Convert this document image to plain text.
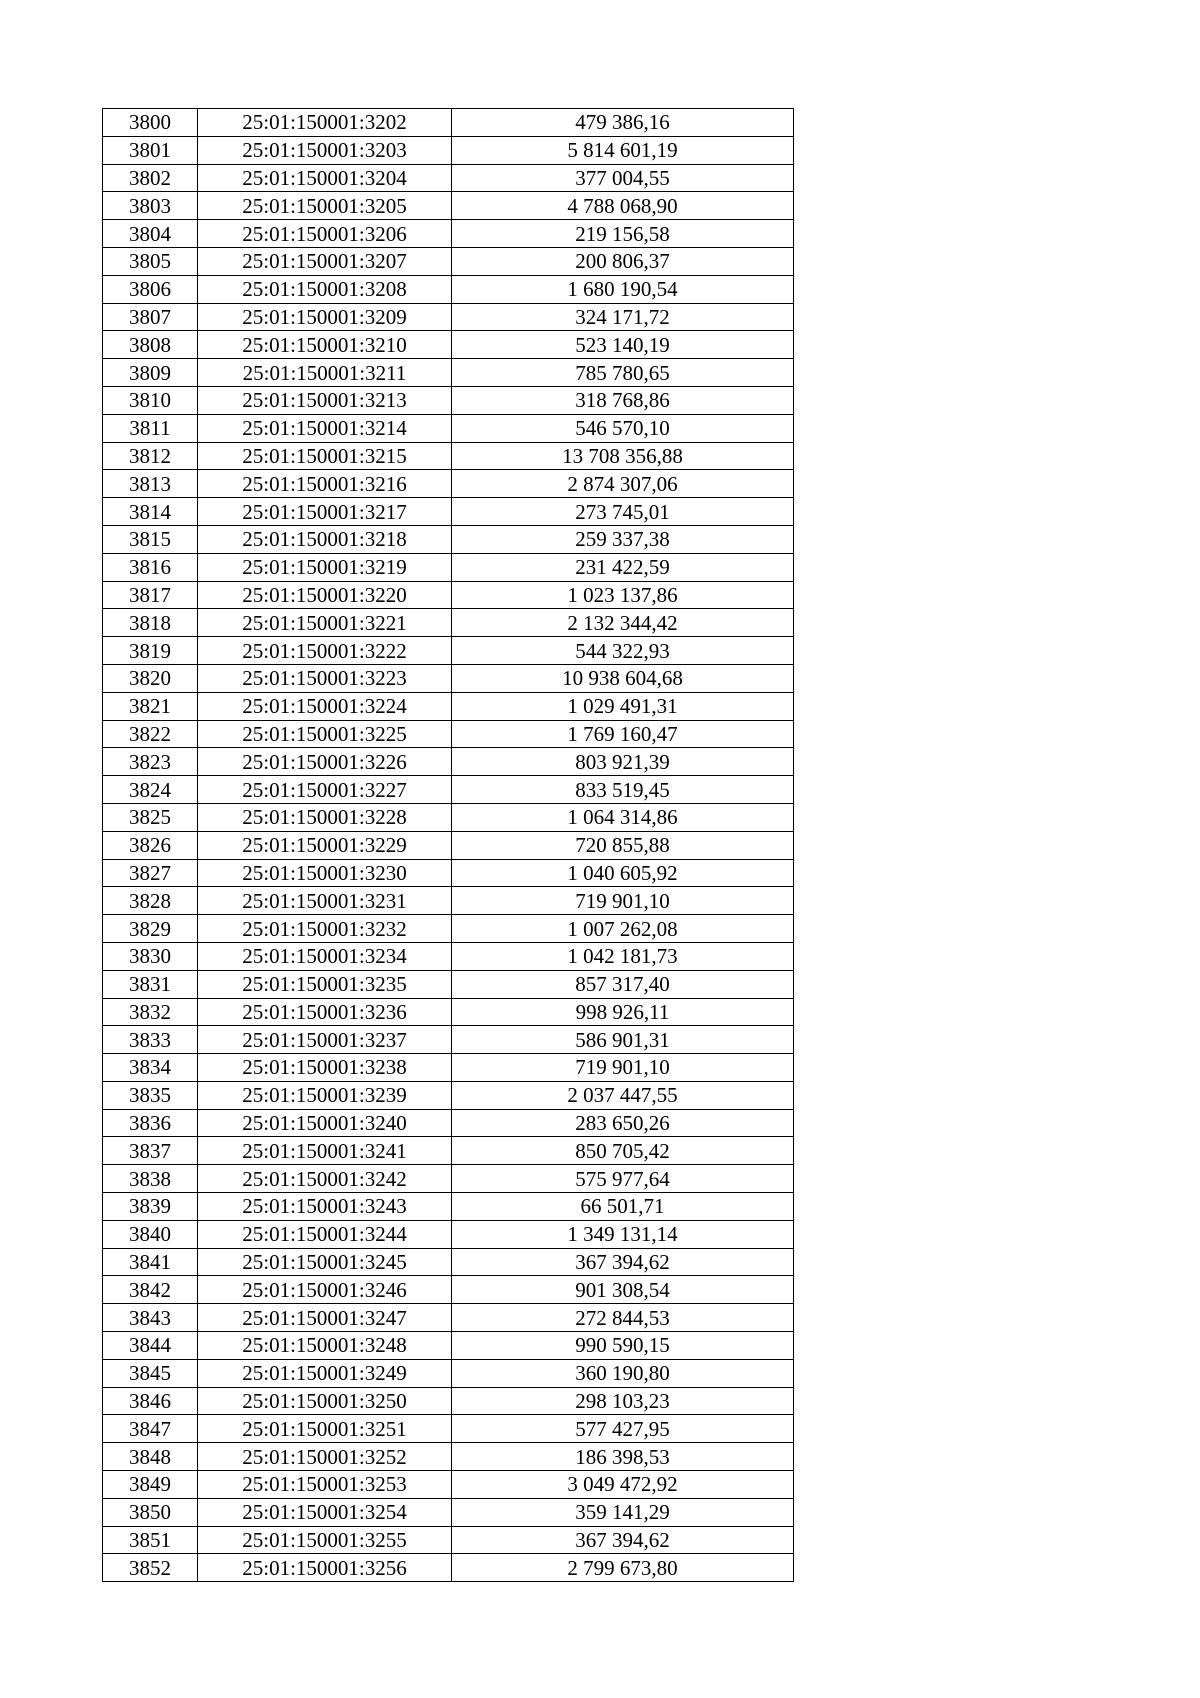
3800	25:01:150001:3202	479 386,16
3801	25:01:150001:3203	5 814 601,19
3802	25:01:150001:3204	377 004,55
3803	25:01:150001:3205	4 788 068,90
3804	25:01:150001:3206	219 156,58
3805	25:01:150001:3207	200 806,37
3806	25:01:150001:3208	1 680 190,54
3807	25:01:150001:3209	324 171,72
3808	25:01:150001:3210	523 140,19
3809	25:01:150001:3211	785 780,65
3810	25:01:150001:3213	318 768,86
3811	25:01:150001:3214	546 570,10
3812	25:01:150001:3215	13 708 356,88
3813	25:01:150001:3216	2 874 307,06
3814	25:01:150001:3217	273 745,01
3815	25:01:150001:3218	259 337,38
3816	25:01:150001:3219	231 422,59
3817	25:01:150001:3220	1 023 137,86
3818	25:01:150001:3221	2 132 344,42
3819	25:01:150001:3222	544 322,93
3820	25:01:150001:3223	10 938 604,68
3821	25:01:150001:3224	1 029 491,31
3822	25:01:150001:3225	1 769 160,47
3823	25:01:150001:3226	803 921,39
3824	25:01:150001:3227	833 519,45
3825	25:01:150001:3228	1 064 314,86
3826	25:01:150001:3229	720 855,88
3827	25:01:150001:3230	1 040 605,92
3828	25:01:150001:3231	719 901,10
3829	25:01:150001:3232	1 007 262,08
3830	25:01:150001:3234	1 042 181,73
3831	25:01:150001:3235	857 317,40
3832	25:01:150001:3236	998 926,11
3833	25:01:150001:3237	586 901,31
3834	25:01:150001:3238	719 901,10
3835	25:01:150001:3239	2 037 447,55
3836	25:01:150001:3240	283 650,26
3837	25:01:150001:3241	850 705,42
3838	25:01:150001:3242	575 977,64
3839	25:01:150001:3243	66 501,71
3840	25:01:150001:3244	1 349 131,14
3841	25:01:150001:3245	367 394,62
3842	25:01:150001:3246	901 308,54
3843	25:01:150001:3247	272 844,53
3844	25:01:150001:3248	990 590,15
3845	25:01:150001:3249	360 190,80
3846	25:01:150001:3250	298 103,23
3847	25:01:150001:3251	577 427,95
3848	25:01:150001:3252	186 398,53
3849	25:01:150001:3253	3 049 472,92
3850	25:01:150001:3254	359 141,29
3851	25:01:150001:3255	367 394,62
3852	25:01:150001:3256	2 799 673,80
